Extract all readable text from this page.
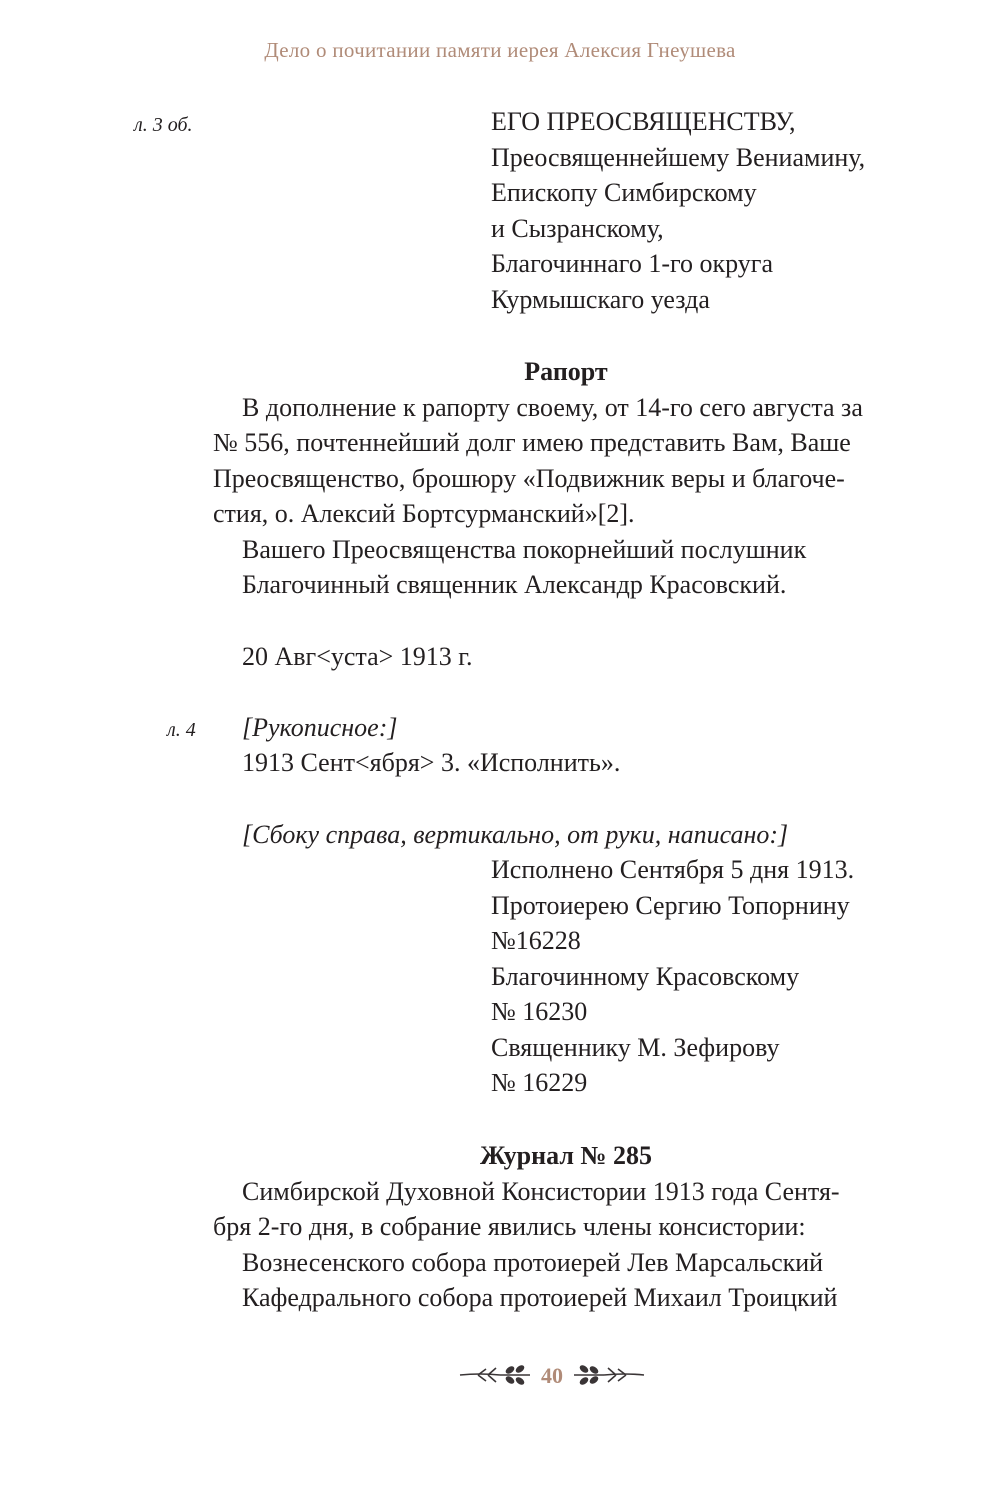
Дело о почитании памяти иерея Алексия Гнеушева
л. 3 об.	ЕГО ПРЕОСВЯЩЕНСТВУ,
Преосвященнейшему Вениамину,
Епископу Симбирскому
и Сызранскому,
Благочиннаго 1-го округа
Курмышскаго уезда
Рапорт
В дополнение к рапорту своему, от 14-го сего августа за
№ 556, почтеннейший долг имею представить Вам, Ваше
Преосвященство, брошюру «Подвижник веры и благоче-
стия, о. Алексий Бортсурманский»[2].
Вашего Преосвященства покорнейший послушник
Благочинный священник Александр Красовский.
20 Авг<уста> 1913 г.
л. 4 [Рукописное:]
1913 Сент<ября> 3. «Исполнить».
[Сбоку справа, вертикально, от руки, написано:]
Исполнено Сентября 5 дня 1913.
Протоиерею Сергию Топорнину
№16228
Благочинному Красовскому
№ 16230
Священнику М. Зефирову
№ 16229
Журнал № 285
Симбирской Духовной Консистории 1913 года Сентя-
бря 2-го дня, в собрание явились члены консистории:
Вознесенского собора протоиерей Лев Марсальский
Кафедрального собора протоиерей Михаил Троицкий
40
